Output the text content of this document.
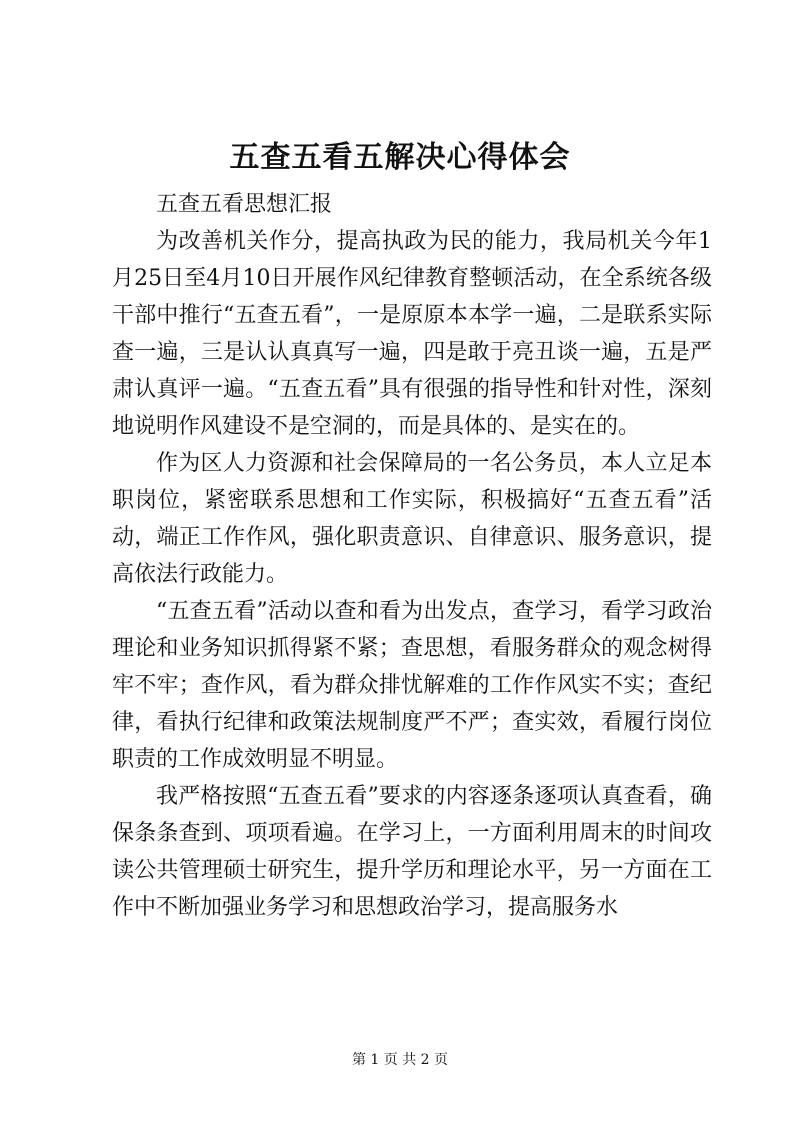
五查五看五解决心得体会

五查五看思想汇报

为改善机关作分，提高执政为民的能力，我局机关今年1月25日至4月10日开展作风纪律教育整顿活动，在全系统各级干部中推行“五查五看”，一是原原本本学一遍，二是联系实际查一遍，三是认认真真写一遍，四是敢于亮丑谈一遍，五是严肃认真评一遍。“五查五看”具有很强的指导性和针对性，深刻地说明作风建设不是空洞的，而是具体的、是实在的。

作为区人力资源和社会保障局的一名公务员，本人立足本职岗位，紧密联系思想和工作实际，积极搞好“五查五看”活动，端正工作作风，强化职责意识、自律意识、服务意识，提高依法行政能力。

“五查五看”活动以查和看为出发点，查学习，看学习政治理论和业务知识抓得紧不紧；查思想，看服务群众的观念树得牢不牢；查作风，看为群众排忧解难的工作作风实不实；查纪律，看执行纪律和政策法规制度严不严；查实效，看履行岗位职责的工作成效明显不明显。

我严格按照“五查五看”要求的内容逐条逐项认真查看，确保条条查到、项项看遍。在学习上，一方面利用周末的时间攻读公共管理硕士研究生，提升学历和理论水平，另一方面在工作中不断加强业务学习和思想政治学习，提高服务水

第 1 页 共 2 页
